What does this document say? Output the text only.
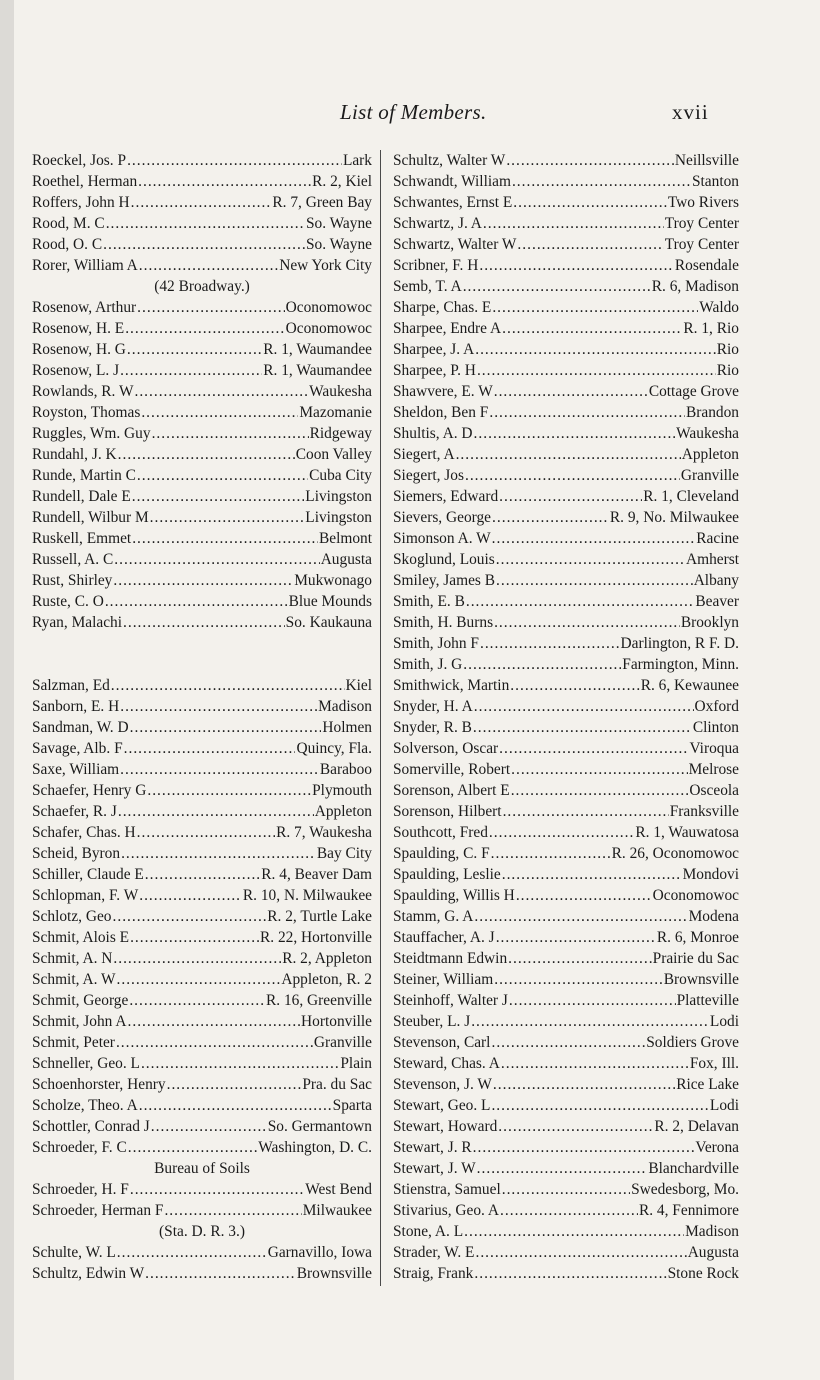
List of Members.	xvii
Roeckel, Jos. P .....	Lark
Roethel, Herman .....	R. 2, Kiel
Roffers, John H .....	R. 7, Green Bay
Rood, M. C .....	So. Wayne
Rood, O. C .....	So. Wayne
Rorer, William A .....	New York City
(42 Broadway.)
Rosenow, Arthur .....	Oconomowoc
Rosenow, H. E .....	Oconomowoc
Rosenow, H. G .....	R. 1, Waumandee
Rosenow, L. J .....	R. 1, Waumandee
Rowlands, R. W .....	Waukesha
Royston, Thomas .....	Mazomanie
Ruggles, Wm. Guy .....	Ridgeway
Rundahl, J. K .....	Coon Valley
Runde, Martin C .....	Cuba City
Rundell, Dale E .....	Livingston
Rundell, Wilbur M .....	Livingston
Ruskell, Emmet .....	Belmont
Russell, A. C .....	Augusta
Rust, Shirley .....	Mukwonago
Ruste, C. O .....	Blue Mounds
Ryan, Malachi .....	So. Kaukauna
Salzman, Ed .....	Kiel
Sanborn, E. H .....	Madison
Sandman, W. D .....	Holmen
Savage, Alb. F .....	Quincy, Fla.
Saxe, William .....	Baraboo
Schaefer, Henry G .....	Plymouth
Schaefer, R. J .....	Appleton
Schafer, Chas. H .....	R. 7, Waukesha
Scheid, Byron .....	Bay City
Schiller, Claude E .....	R. 4, Beaver Dam
Schlopman, F. W .....	R. 10, N. Milwaukee
Schlotz, Geo .....	R. 2, Turtle Lake
Schmit, Alois E .....	R. 22, Hortonville
Schmit, A. N .....	R. 2, Appleton
Schmit, A. W .....	Appleton, R. 2
Schmit, George .....	R. 16, Greenville
Schmit, John A .....	Hortonville
Schmit, Peter .....	Granville
Schneller, Geo. L .....	Plain
Schoenhorster, Henry .....	Pra. du Sac
Scholze, Theo. A .....	Sparta
Schottler, Conrad J .....	So. Germantown
Schroeder, F. C .....	Washington, D. C.
Bureau of Soils
Schroeder, H. F .....	West Bend
Schroeder, Herman F .....	Milwaukee
(Sta. D. R. 3.)
Schulte, W. L .....	Garnavillo, Iowa
Schultz, Edwin W .....	Brownsville
Schultz, Walter W .....	Neillsville
Schwandt, William .....	Stanton
Schwantes, Ernst E .....	Two Rivers
Schwartz, J. A .....	Troy Center
Schwartz, Walter W .....	Troy Center
Scribner, F. H .....	Rosendale
Semb, T. A .....	R. 6, Madison
Sharpe, Chas. E .....	Waldo
Sharpee, Endre A .....	R. 1, Rio
Sharpee, J. A .....	Rio
Sharpee, P. H .....	Rio
Shawvere, E. W .....	Cottage Grove
Sheldon, Ben F .....	Brandon
Shultis, A. D .....	Waukesha
Siegert, A .....	Appleton
Siegert, Jos .....	Granville
Siemers, Edward .....	R. 1, Cleveland
Sievers, George .....	R. 9, No. Milwaukee
Simonson A. W .....	Racine
Skoglund, Louis .....	Amherst
Smiley, James B .....	Albany
Smith, E. B .....	Beaver
Smith, H. Burns .....	Brooklyn
Smith, John F .....	Darlington, R F. D.
Smith, J. G .....	Farmington, Minn.
Smithwick, Martin .....	R. 6, Kewaunee
Snyder, H. A .....	Oxford
Snyder, R. B .....	Clinton
Solverson, Oscar .....	Viroqua
Somerville, Robert .....	Melrose
Sorenson, Albert E .....	Osceola
Sorenson, Hilbert .....	Franksville
Southcott, Fred .....	R. 1, Wauwatosa
Spaulding, C. F .....	R. 26, Oconomowoc
Spaulding, Leslie .....	Mondovi
Spaulding, Willis H .....	Oconomowoc
Stamm, G. A .....	Modena
Stauffacher, A. J .....	R. 6, Monroe
Steidtmann Edwin .....	Prairie du Sac
Steiner, William .....	Brownsville
Steinhoff, Walter J .....	Platteville
Steuber, L. J .....	Lodi
Stevenson, Carl .....	Soldiers Grove
Steward, Chas. A .....	Fox, Ill.
Stevenson, J. W .....	Rice Lake
Stewart, Geo. L .....	Lodi
Stewart, Howard .....	R. 2, Delavan
Stewart, J. R .....	Verona
Stewart, J. W .....	Blanchardville
Stienstra, Samuel .....	Swedesborg, Mo.
Stivarius, Geo. A .....	R. 4, Fennimore
Stone, A. L .....	Madison
Strader, W. E .....	Augusta
Straig, Frank .....	Stone Rock
